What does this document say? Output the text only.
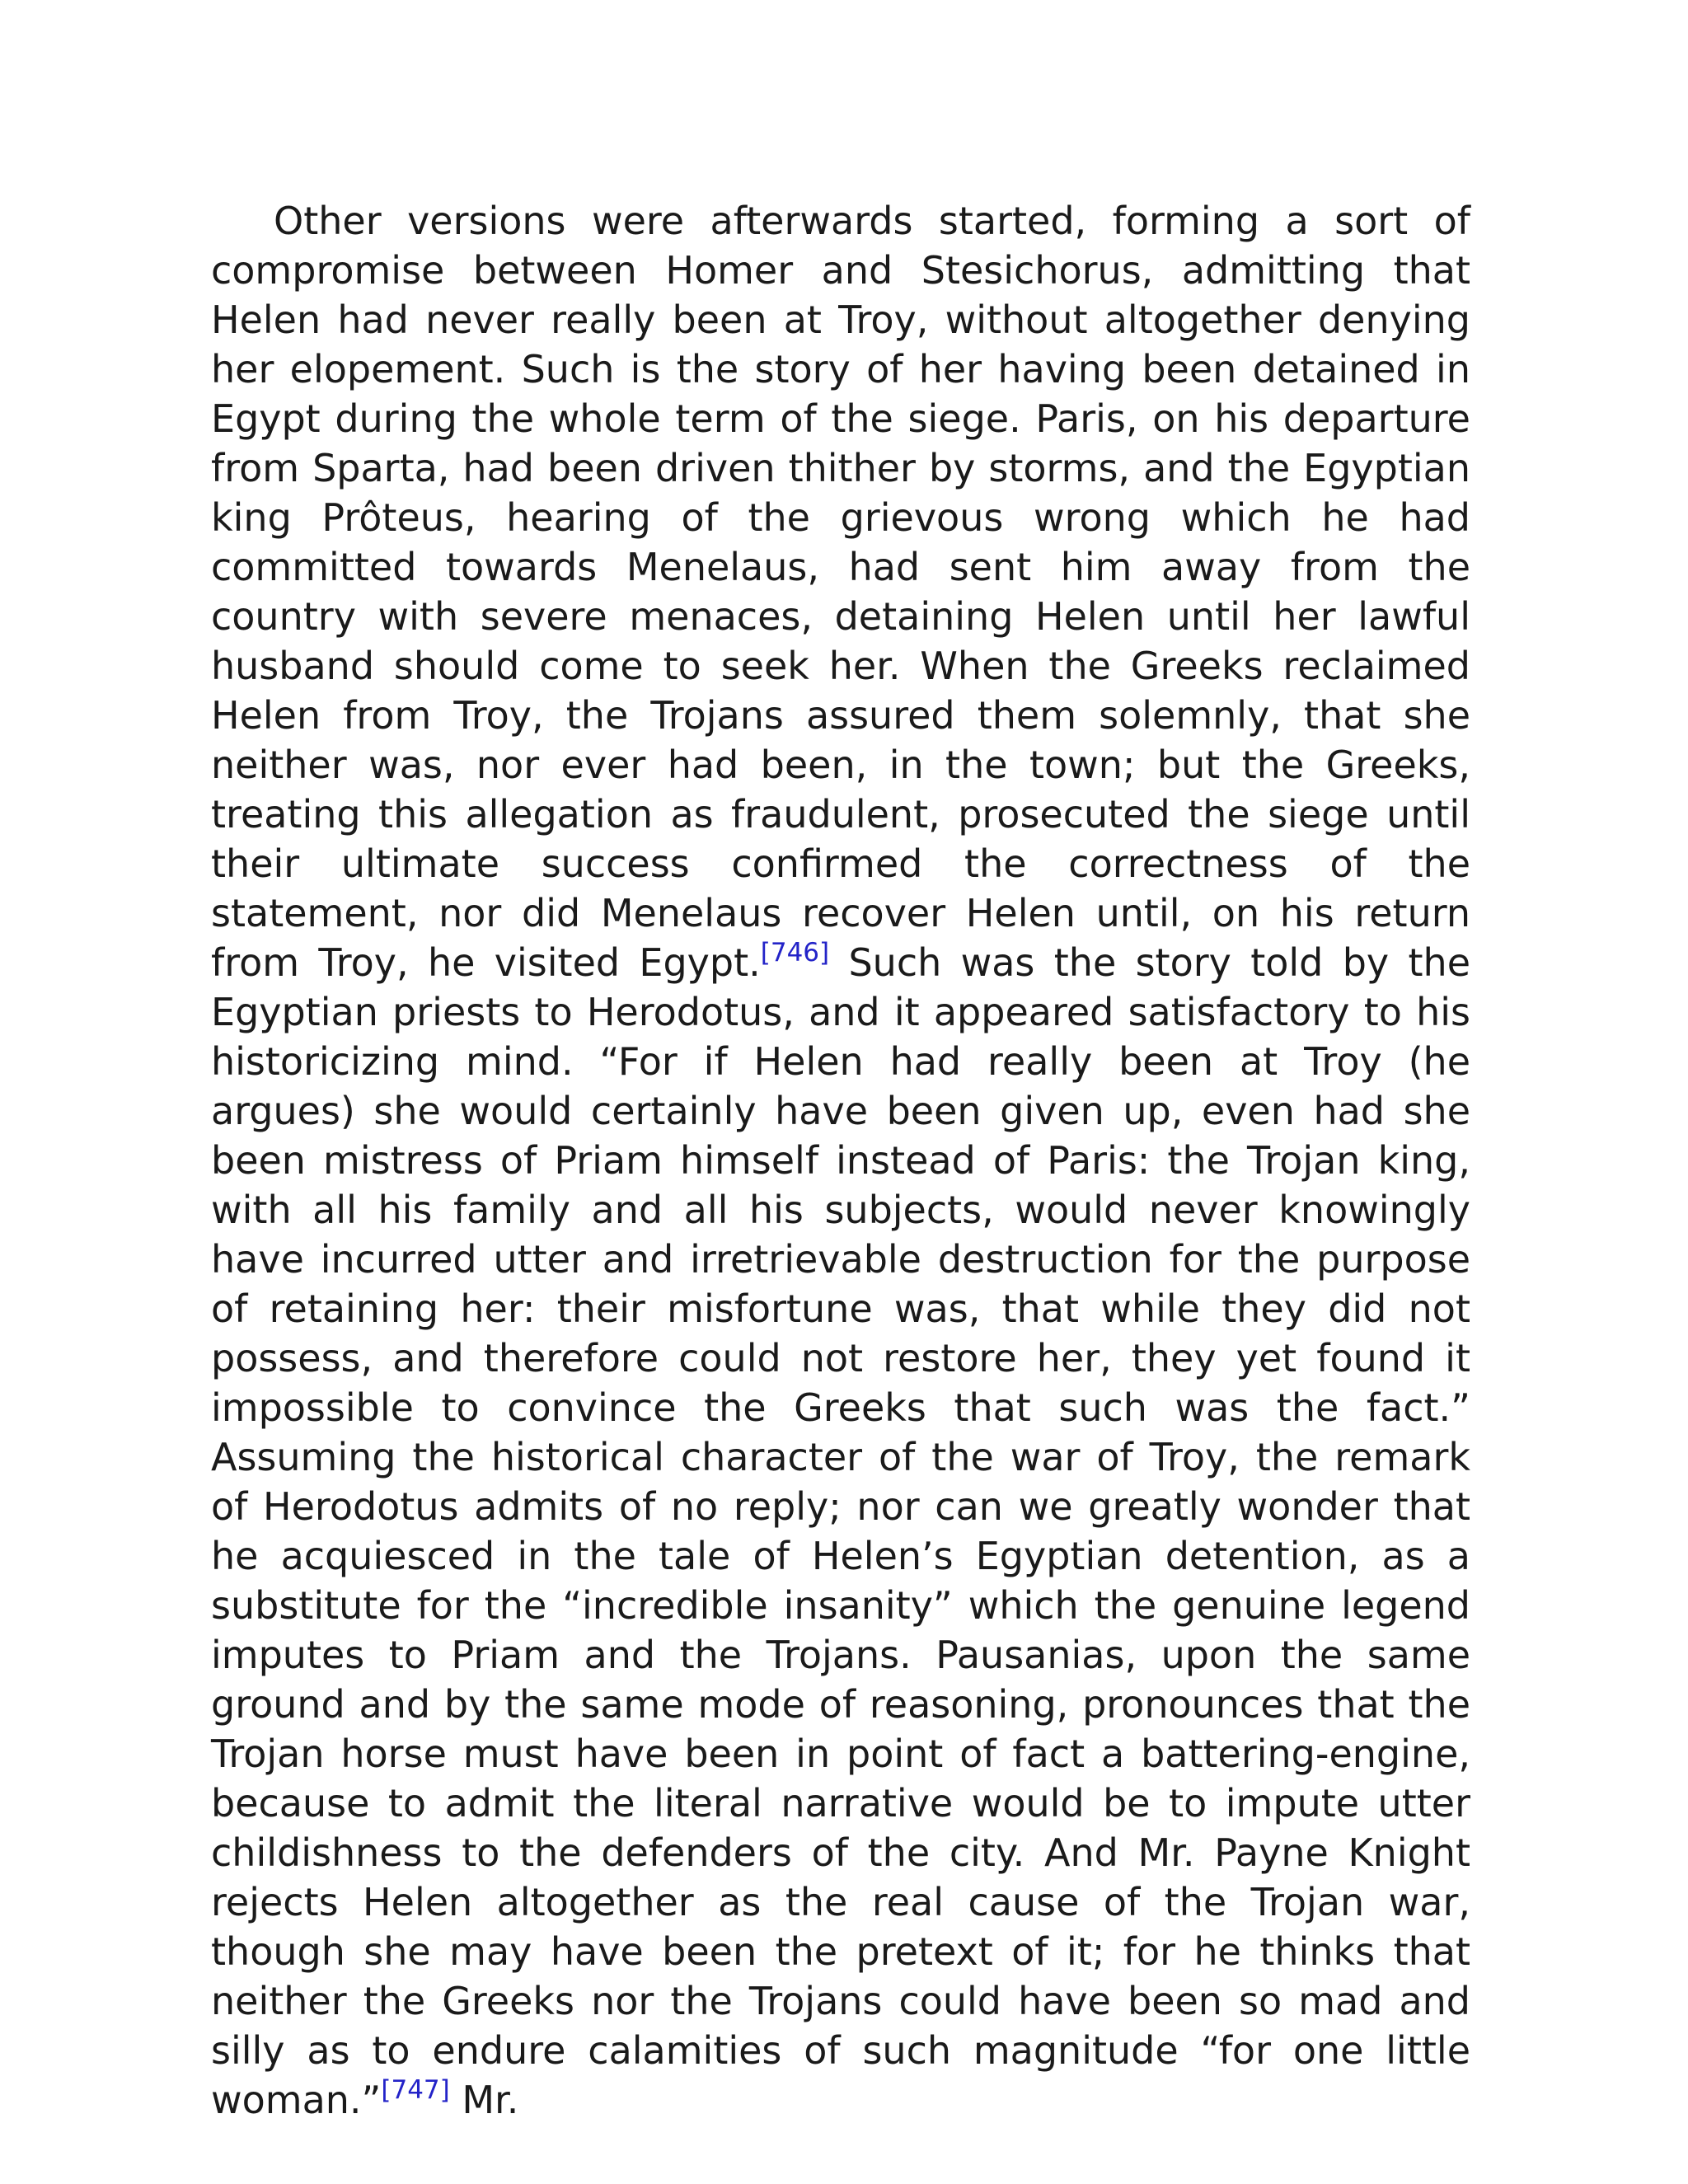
Other versions were afterwards started, forming a sort of compromise between Homer and Stesichorus, admitting that Helen had never really been at Troy, without altogether denying her elopement. Such is the story of her having been detained in Egypt during the whole term of the siege. Paris, on his departure from Sparta, had been driven thither by storms, and the Egyptian king Prôteus, hearing of the grievous wrong which he had committed towards Menelaus, had sent him away from the country with severe menaces, detaining Helen until her lawful husband should come to seek her. When the Greeks reclaimed Helen from Troy, the Trojans assured them solemnly, that she neither was, nor ever had been, in the town; but the Greeks, treating this allegation as fraudulent, prosecuted the siege until their ultimate success confirmed the correctness of the statement, nor did Menelaus recover Helen until, on his return from Troy, he visited Egypt.[746] Such was the story told by the Egyptian priests to Herodotus, and it appeared satisfactory to his historicizing mind. “For if Helen had really been at Troy (he argues) she would certainly have been given up, even had she been mistress of Priam himself instead of Paris: the Trojan king, with all his family and all his subjects, would never knowingly have incurred utter and irretrievable destruction for the purpose of retaining her: their misfortune was, that while they did not possess, and therefore could not restore her, they yet found it impossible to convince the Greeks that such was the fact.” Assuming the historical character of the war of Troy, the remark of Herodotus admits of no reply; nor can we greatly wonder that he acquiesced in the tale of Helen’s Egyptian detention, as a substitute for the “incredible insanity” which the genuine legend imputes to Priam and the Trojans. Pausanias, upon the same ground and by the same mode of reasoning, pronounces that the Trojan horse must have been in point of fact a battering-engine, because to admit the literal narrative would be to impute utter childishness to the defenders of the city. And Mr. Payne Knight rejects Helen altogether as the real cause of the Trojan war, though she may have been the pretext of it; for he thinks that neither the Greeks nor the Trojans could have been so mad and silly as to endure calamities of such magnitude “for one little woman.”[747] Mr.
